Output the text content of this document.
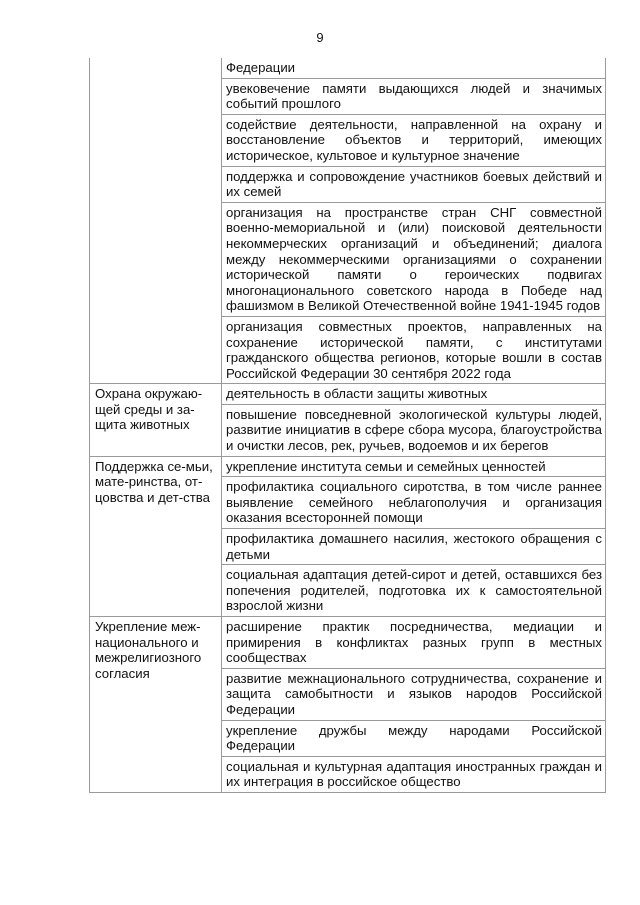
9

	Федерации

	увековечение памяти выдающихся людей и значимых событий прошлого

	содействие деятельности, направленной на охрану и восстановление объектов и территорий, имеющих историческое, культовое и культурное значение

	поддержка и сопровождение участников боевых действий и их семей

	организация на пространстве стран СНГ совместной военно-мемориальной и (или) поисковой деятельности некоммерческих организаций и объединений; диалога между некоммерческими организациями о сохранении исторической памяти о героических подвигах многонационального советского народа в Победе над фашизмом в Великой Отечественной войне 1941-1945 годов

	организация совместных проектов, направленных на сохранение исторической памяти, с институтами гражданского общества регионов, которые вошли в состав Российской Федерации 30 сентября 2022 года

Охрана окружаю-щей среды и за-щита животных	деятельность в области защиты животных

	повышение повседневной экологической культуры людей, развитие инициатив в сфере сбора мусора, благоустройства и очистки лесов, рек, ручьев, водоемов и их берегов

Поддержка се-мьи, мате-ринства, от-цовства и дет-ства	укрепление института семьи и семейных ценностей

	профилактика социального сиротства, в том числе раннее выявление семейного неблагополучия и организация оказания всесторонней помощи

	профилактика домашнего насилия, жестокого обращения с детьми

	социальная адаптация детей-сирот и детей, оставшихся без попечения родителей, подготовка их к самостоятельной взрослой жизни

Укрепление меж-национального и межрелигиозного согласия	расширение практик посредничества, медиации и примирения в конфликтах разных групп в местных сообществах

	развитие межнационального сотрудничества, сохранение и защита самобытности и языков народов Российской Федерации

	укрепление дружбы между народами Российской Федерации

	социальная и культурная адаптация иностранных граждан и их интеграция в российское общество
